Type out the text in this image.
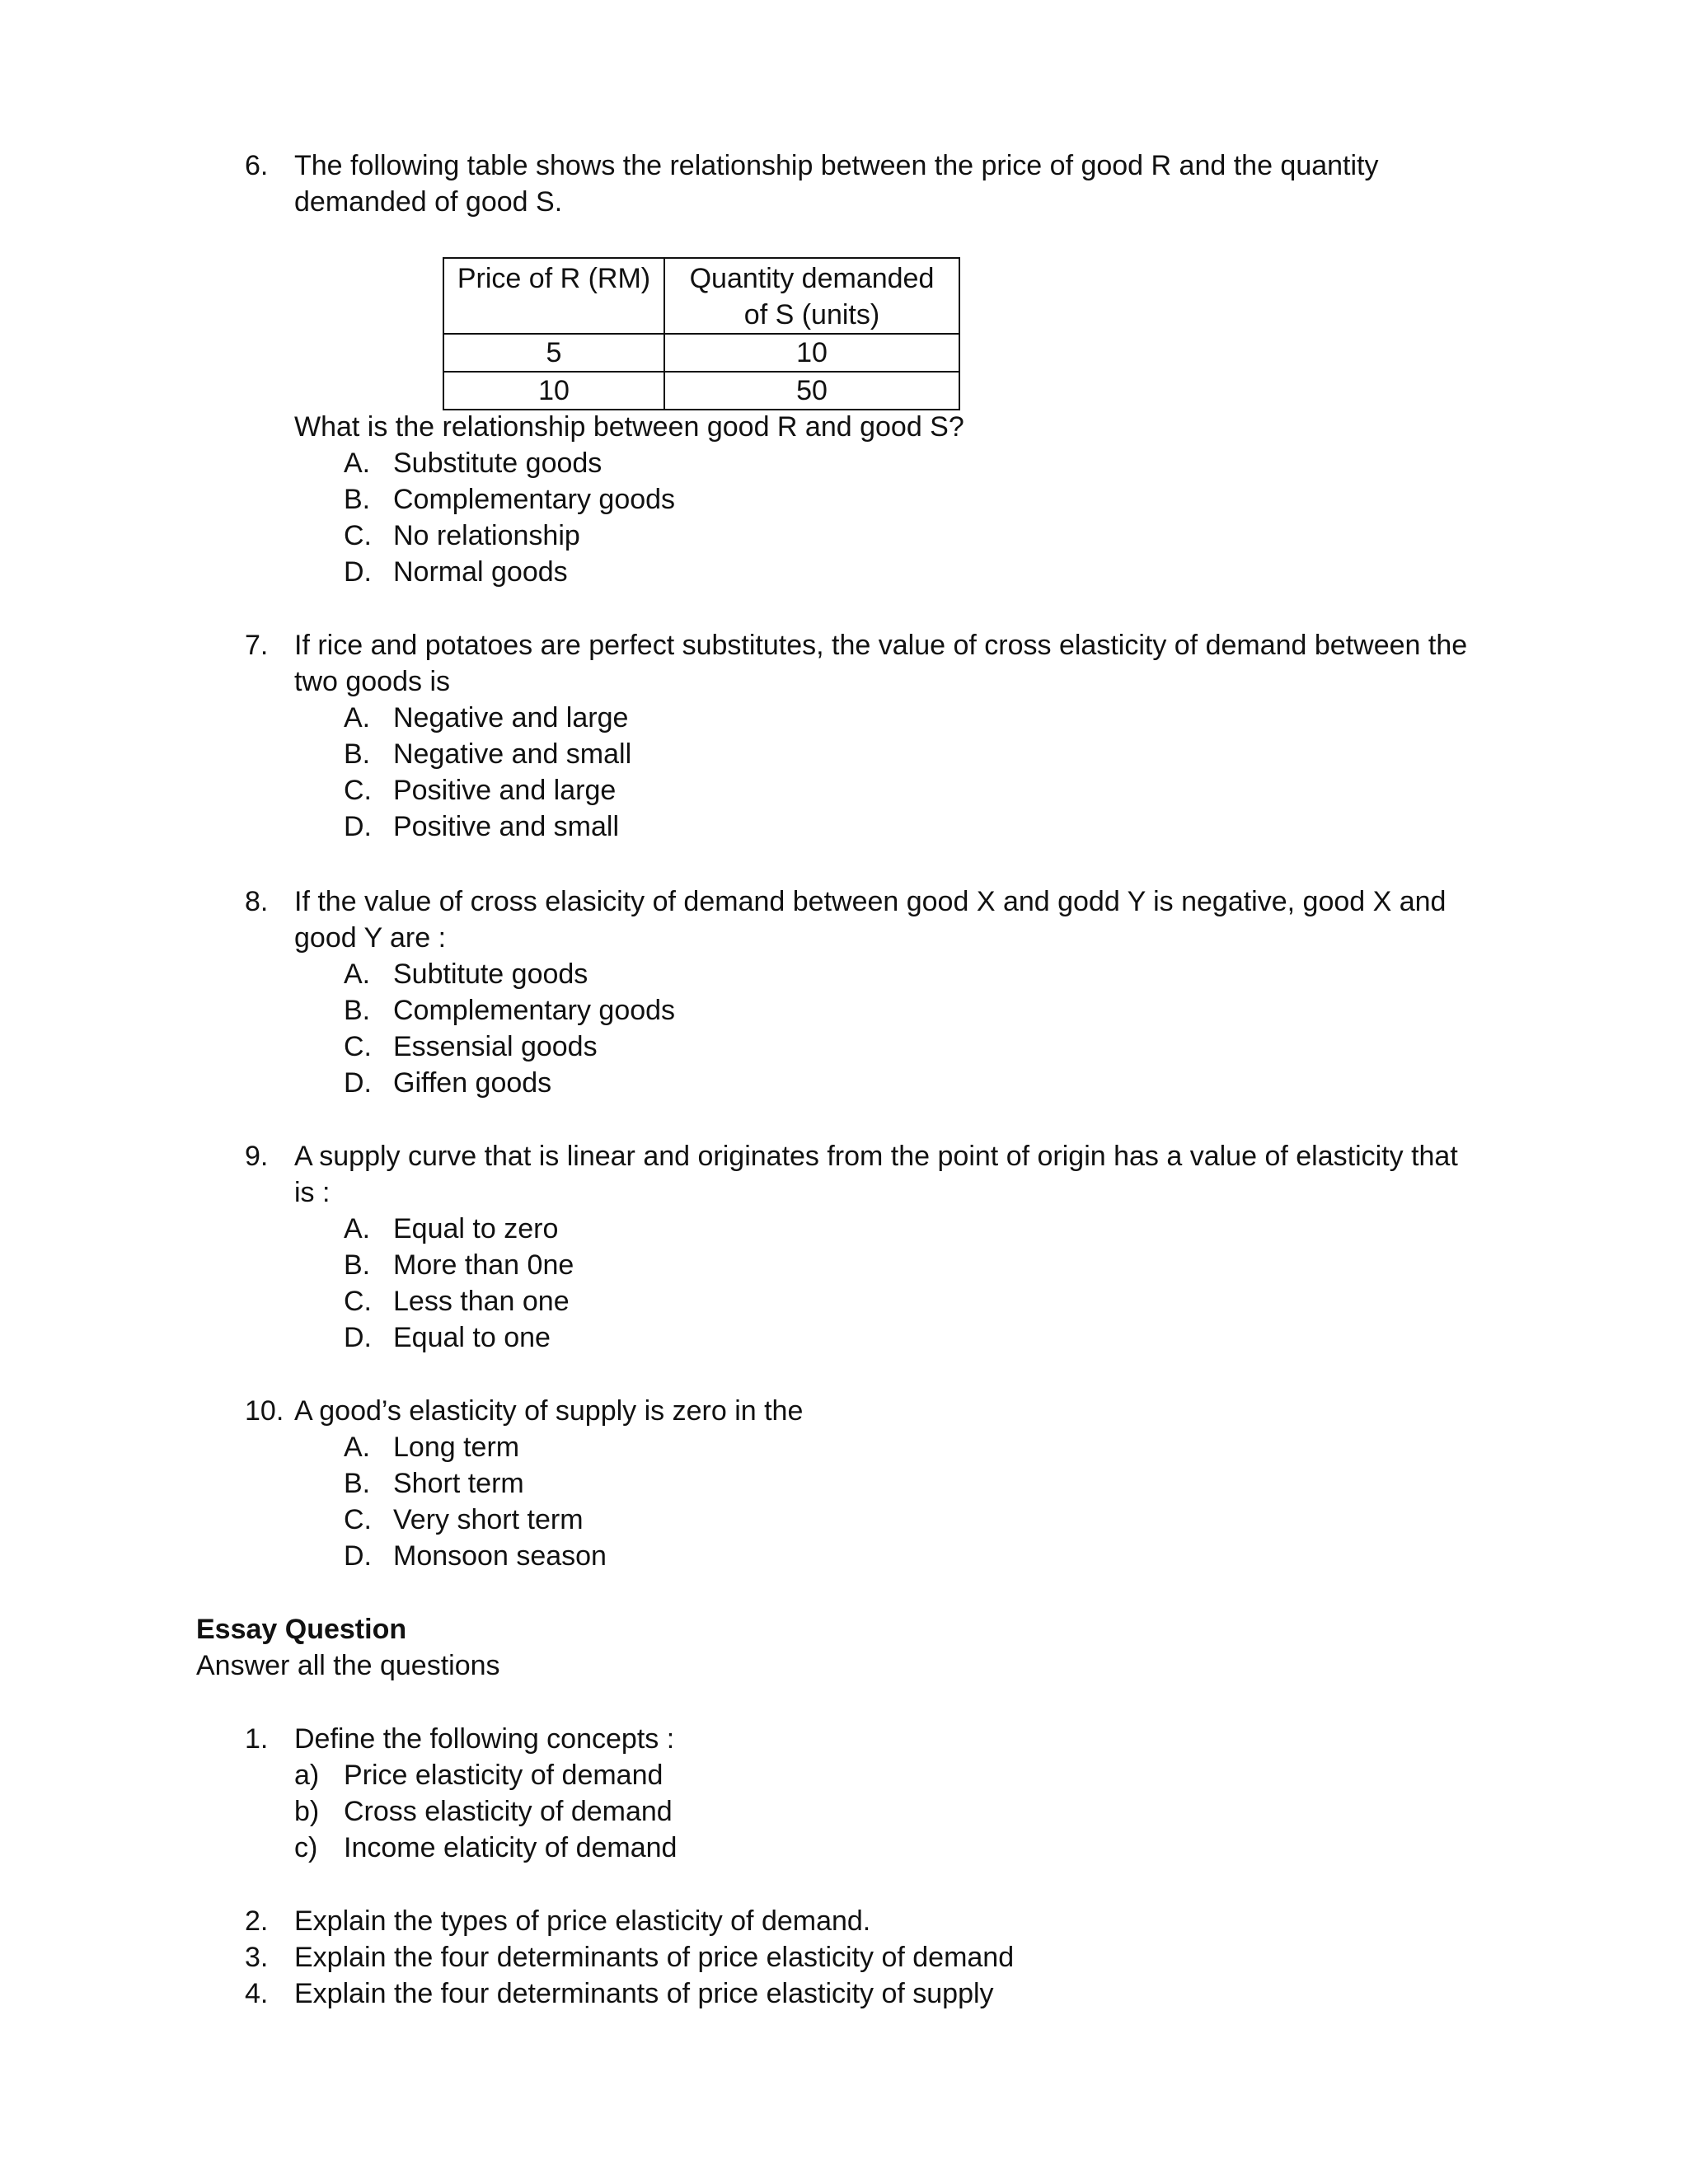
6. The following table shows the relationship between the price of good R and the quantity
demanded of good S.
Price of R (RM)	Quantity demanded
of S (units)
5	10
10	50
What is the relationship between good R and good S?
A. Substitute goods
B. Complementary goods
C. No relationship
D. Normal goods
7. If rice and potatoes are perfect substitutes, the value of cross elasticity of demand between the
two goods is
A. Negative and large
B. Negative and small
C. Positive and large
D. Positive and small
8. If the value of cross elasicity of demand between good X and godd Y is negative, good X and
good Y are :
A. Subtitute goods
B. Complementary goods
C. Essensial goods
D. Giffen goods
9. A supply curve that is linear and originates from the point of origin has a value of elasticity that
is :
A. Equal to zero
B. More than 0ne
C. Less than one
D. Equal to one
10. A good’s elasticity of supply is zero in the
A. Long term
B. Short term
C. Very short term
D. Monsoon season
Essay Question
Answer all the questions
1. Define the following concepts :
a) Price elasticity of demand
b) Cross elasticity of demand
c) Income elaticity of demand
2. Explain the types of price elasticity of demand.
3. Explain the four determinants of price elasticity of demand
4. Explain the four determinants of price elasticity of supply
